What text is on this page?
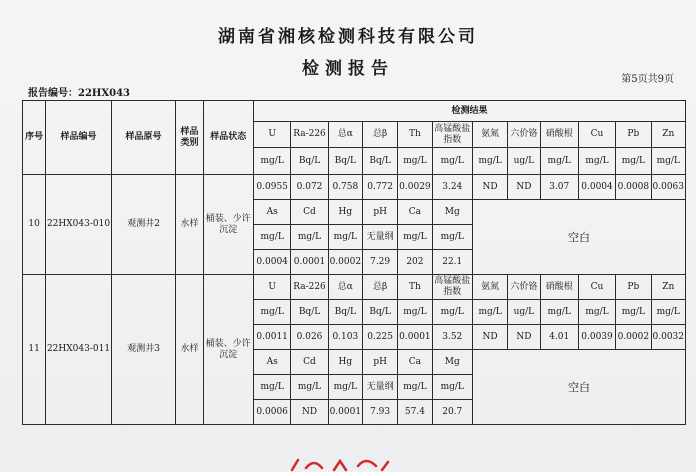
湖南省湘核检测科技有限公司
检测报告
第5页共9页
报告编号：22HX043
序号	样品编号	样品原号	样品类别	样品状态	检测结果											
					U	Ra-226	总α	总β	Th	高锰酸盐指数	氨氮	六价铬	硝酸根	Cu	Pb	Zn
					mg/L	Bq/L	Bq/L	Bq/L	mg/L	mg/L	mg/L	ug/L	mg/L	mg/L	mg/L	mg/L
10	22HX043-010	观测井2	水样	桶装、少许沉淀	0.0955	0.072	0.758	0.772	0.0029	3.24	ND	ND	3.07	0.0004	0.0008	0.0063
					As	Cd	Hg	pH	Ca	Mg	空白					
					mg/L	mg/L	mg/L	无量纲	mg/L	mg/L						
					0.0004	0.0001	0.0002	7.29	202	22.1						
11	22HX043-011	观测井3	水样	桶装、少许沉淀	U	Ra-226	总α	总β	Th	高锰酸盐指数	氨氮	六价铬	硝酸根	Cu	Pb	Zn
					mg/L	Bq/L	Bq/L	Bq/L	mg/L	mg/L	mg/L	ug/L	mg/L	mg/L	mg/L	mg/L
					0.0011	0.026	0.103	0.225	0.0001	3.52	ND	ND	4.01	0.0039	0.0002	0.0032
					As	Cd	Hg	pH	Ca	Mg	空白					
					mg/L	mg/L	mg/L	无量纲	mg/L	mg/L						
					0.0006	ND	0.0001	7.93	57.4	20.7						
